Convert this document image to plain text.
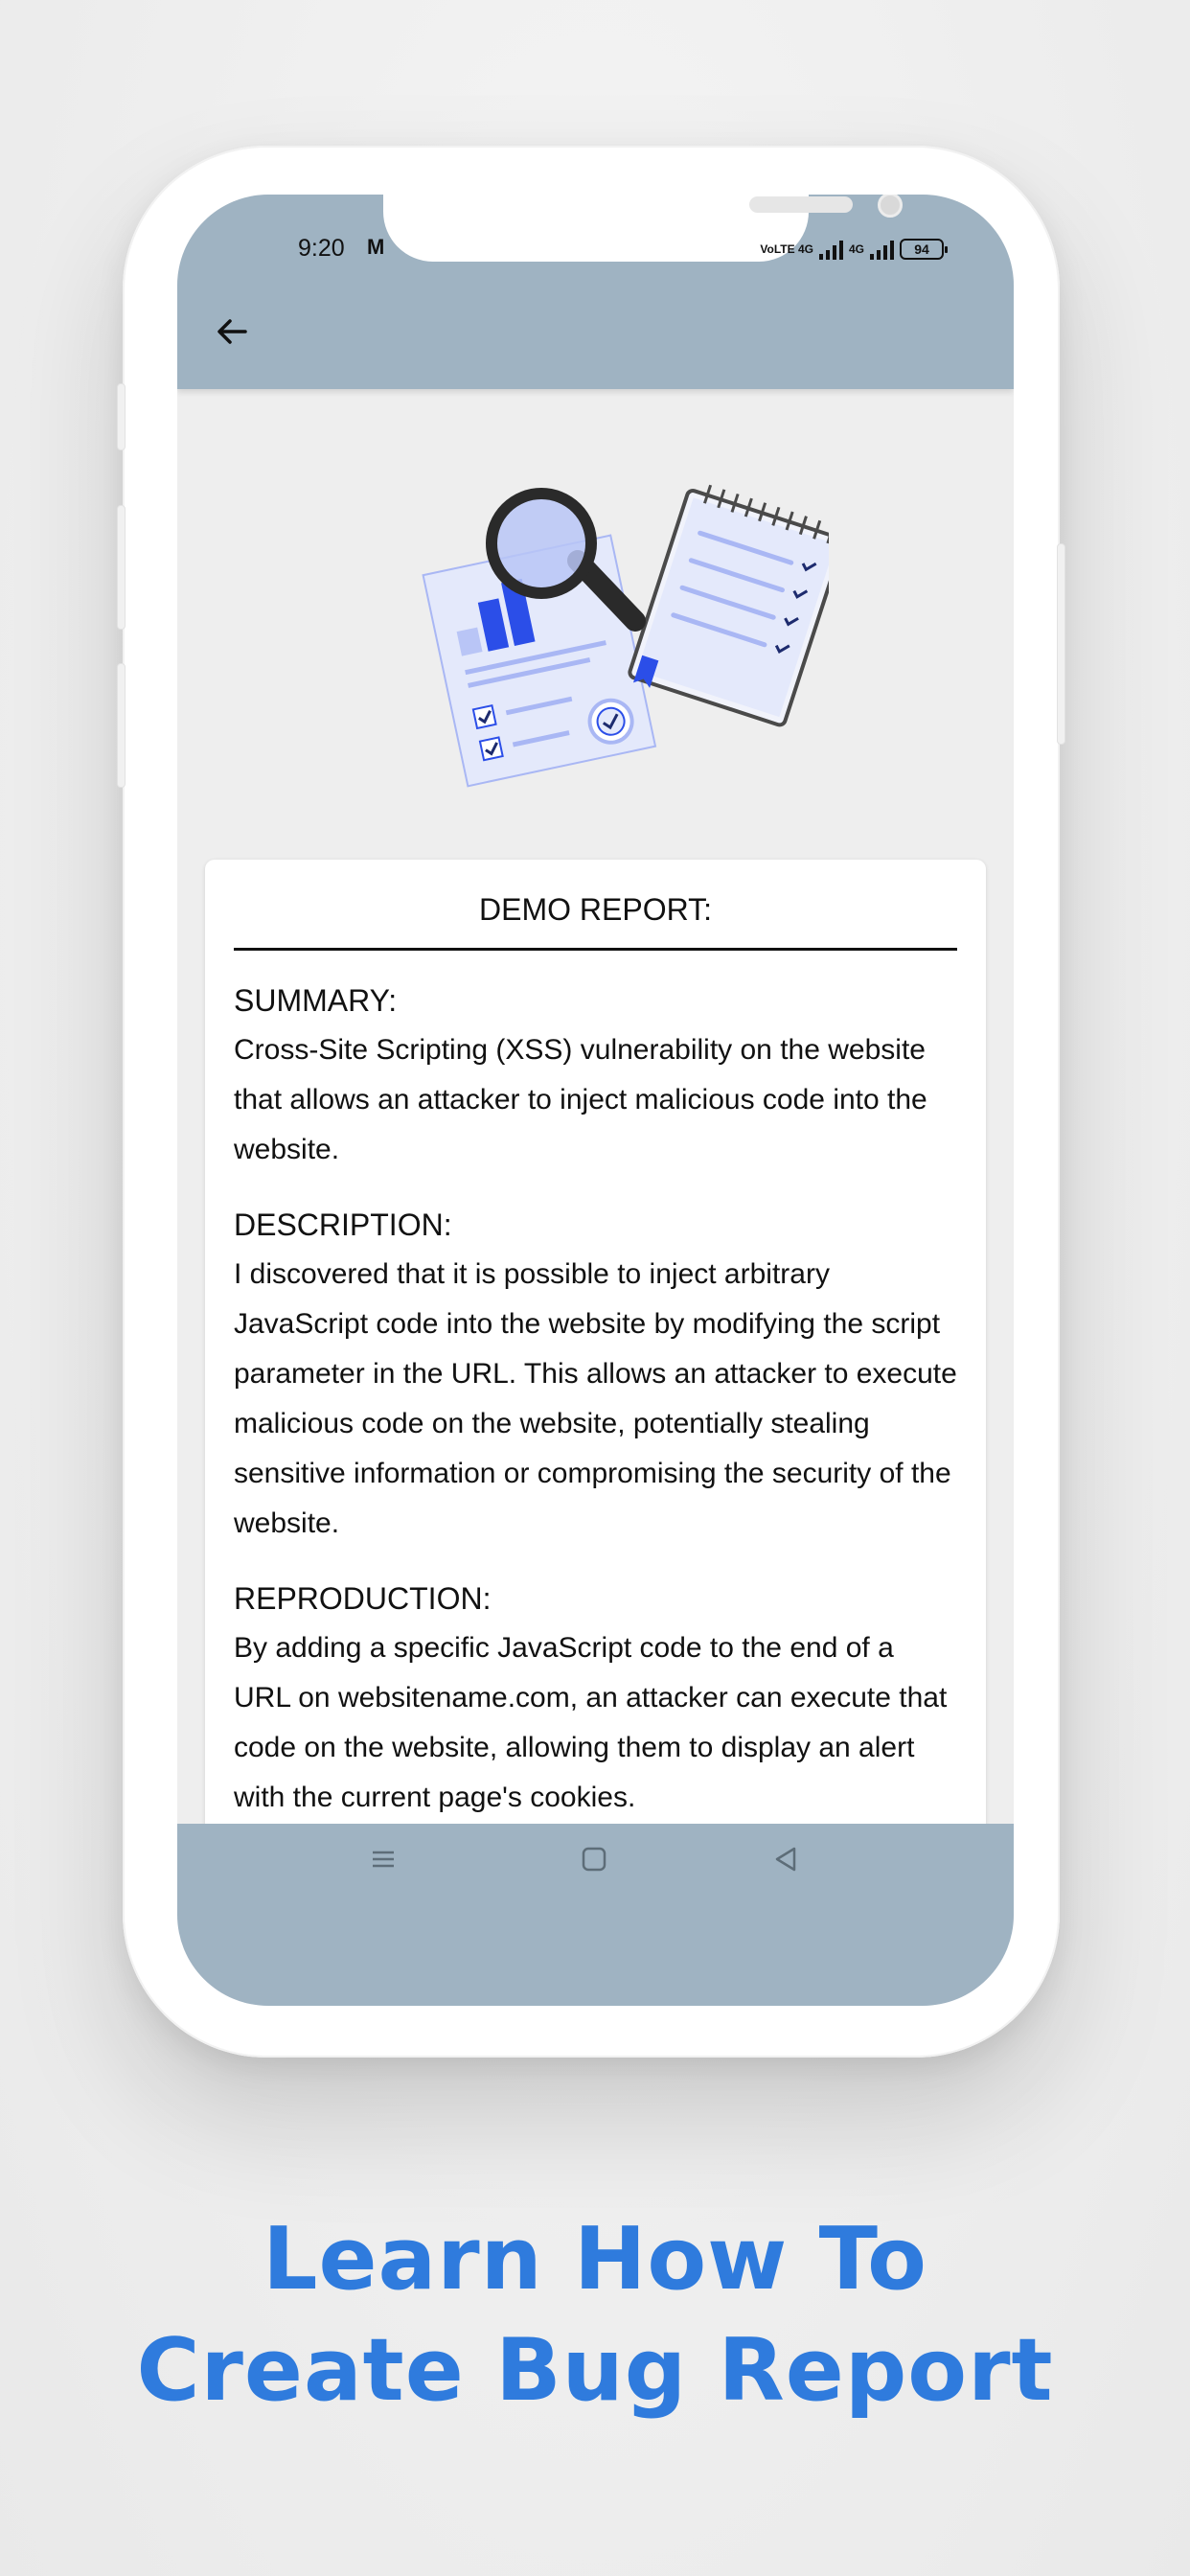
9:20 M	VoLTE 4G	4G	94
DEMO REPORT:
SUMMARY:
Cross-Site Scripting (XSS) vulnerability on the website that allows an attacker to inject malicious code into the website.
DESCRIPTION:
I discovered that it is possible to inject arbitrary JavaScript code into the website by modifying the script parameter in the URL. This allows an attacker to execute malicious code on the website, potentially stealing sensitive information or compromising the security of the website.
REPRODUCTION:
By adding a specific JavaScript code to the end of a URL on websitename.com, an attacker can execute that code on the website, allowing them to display an alert with the current page's cookies.
Learn How To
Create Bug Report
